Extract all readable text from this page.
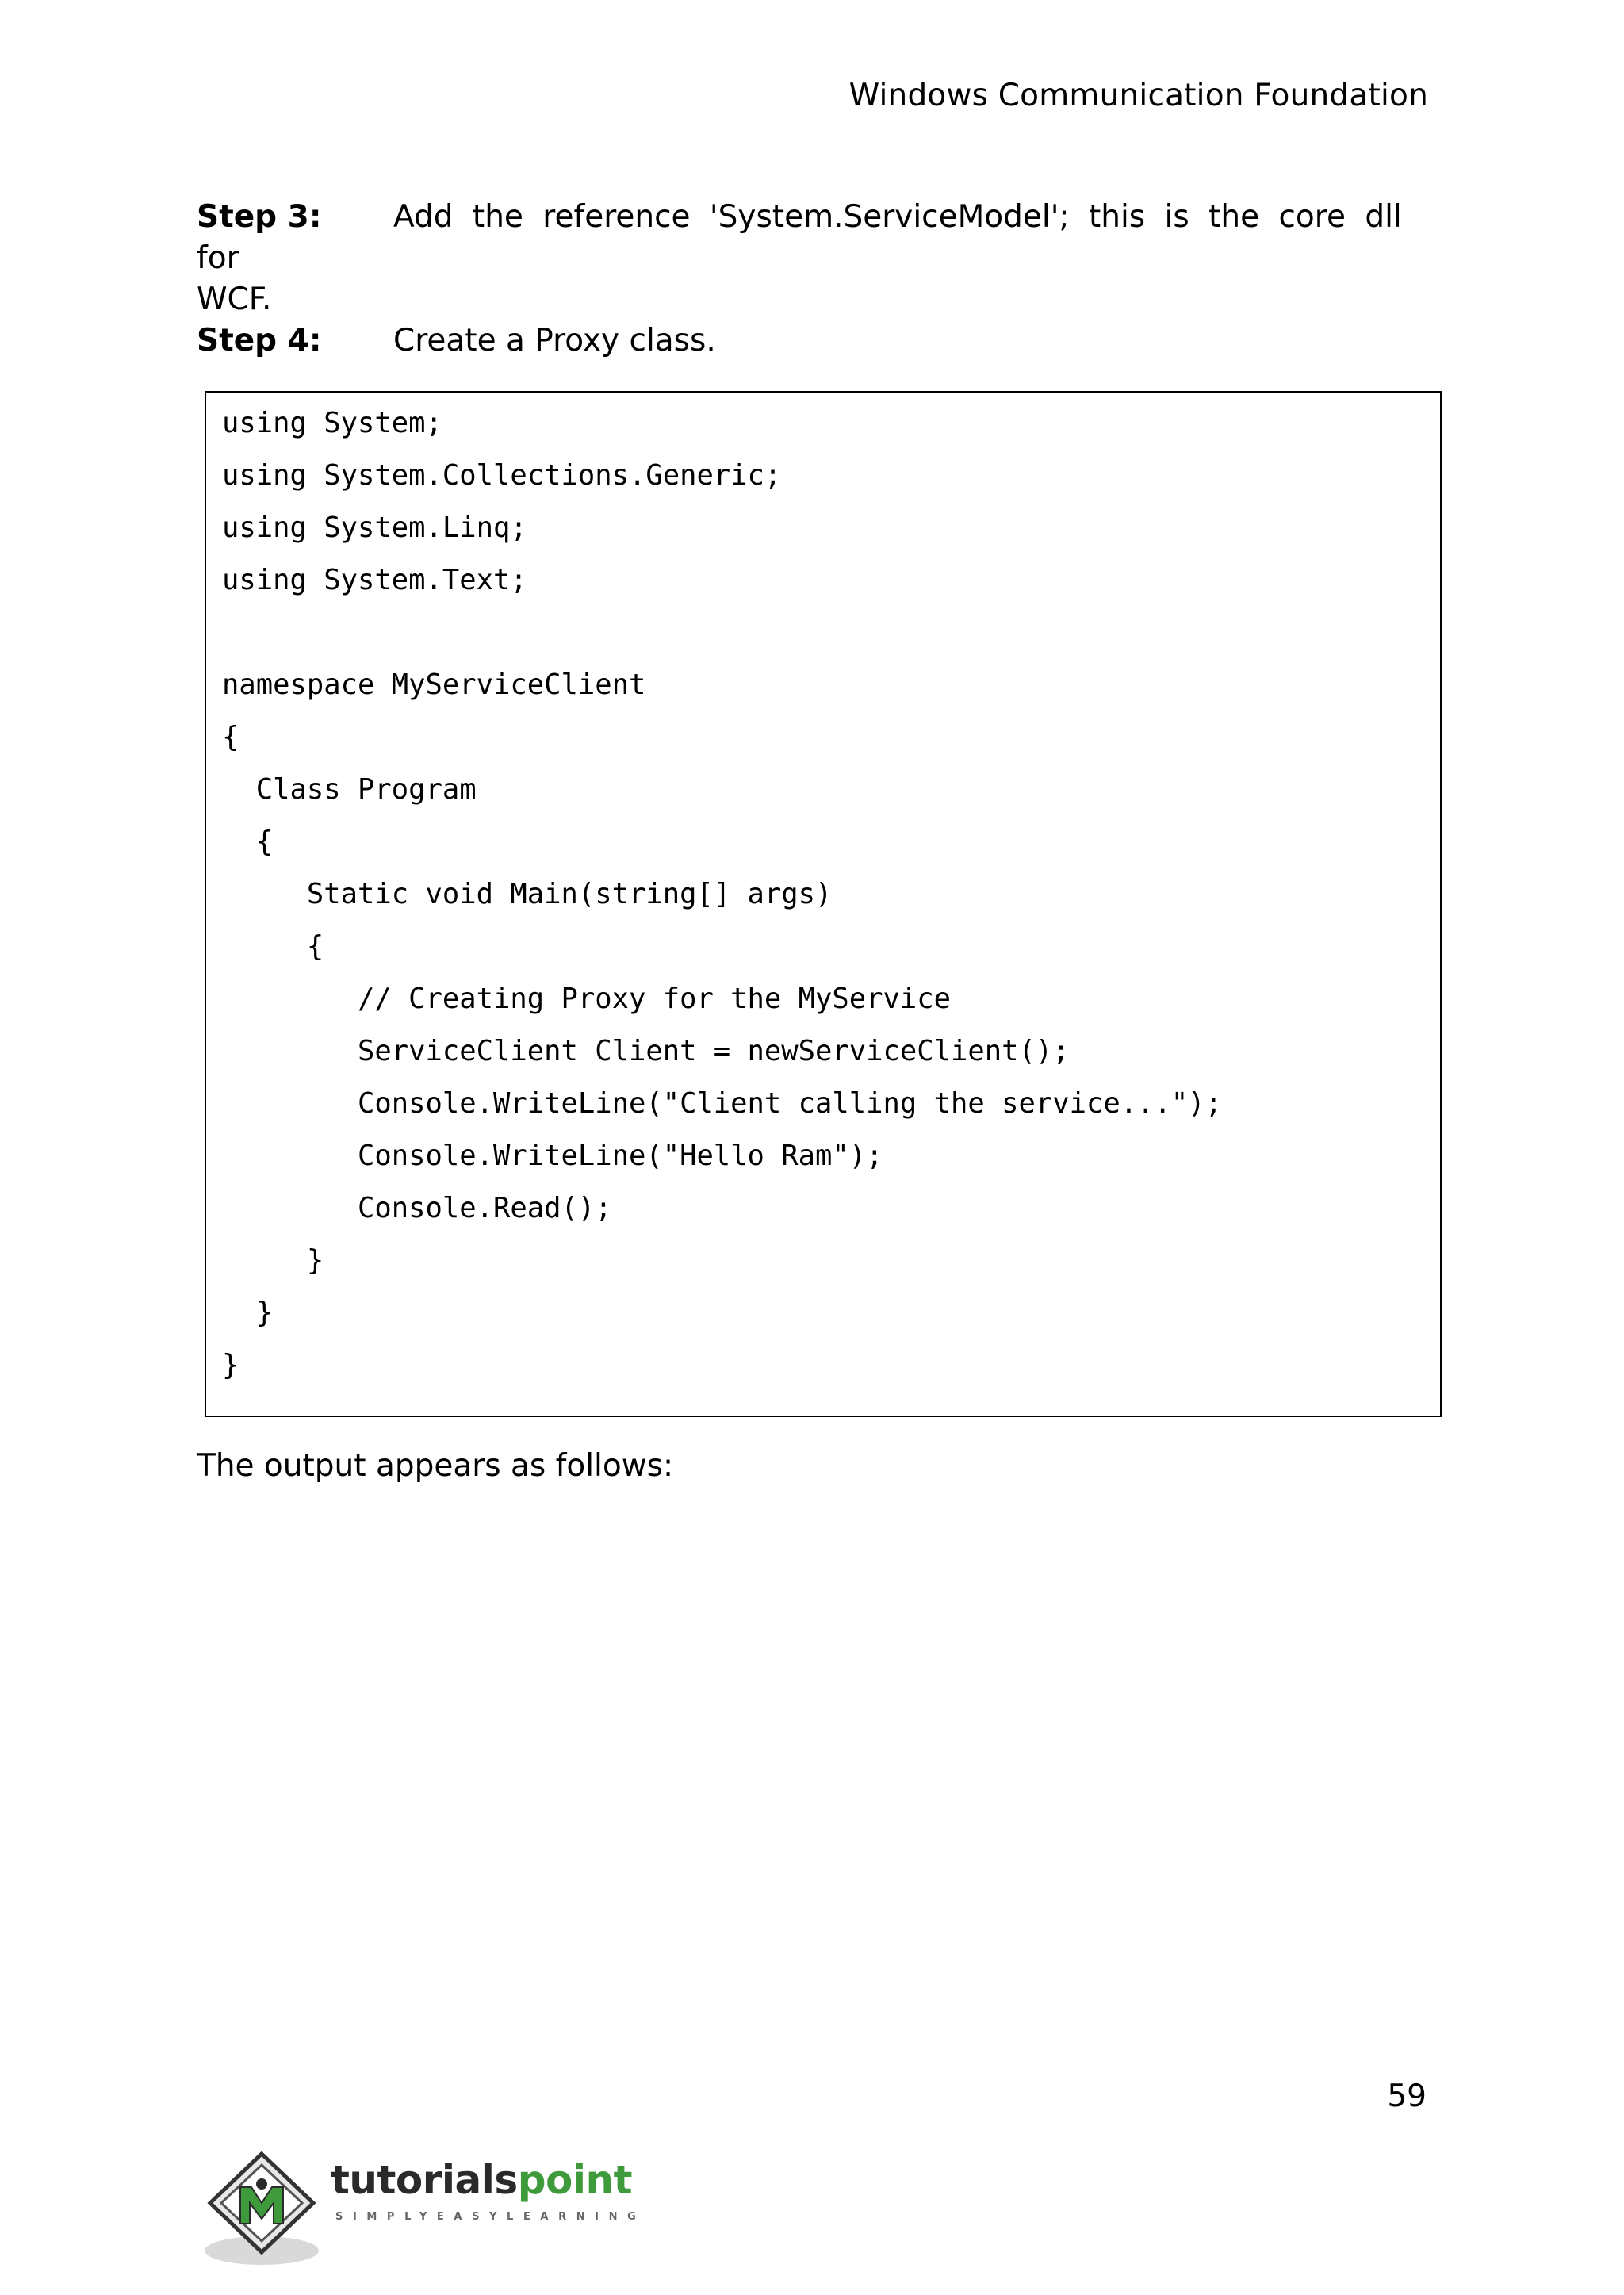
Windows Communication Foundation
Step 3: Add the reference 'System.ServiceModel'; this is the core dll for
WCF.
Step 4: Create a Proxy class.
using System;
using System.Collections.Generic;
using System.Linq;
using System.Text;
namespace MyServiceClient
{
Class Program
{
Static void Main(string[] args)
{
// Creating Proxy for the MyService
ServiceClient Client = newServiceClient();
Console.WriteLine("Client calling the service...");
Console.WriteLine("Hello Ram");
Console.Read();
}
}
}
The output appears as follows:
59
tutorialspoint
SIMPLYEASYLEARNING
